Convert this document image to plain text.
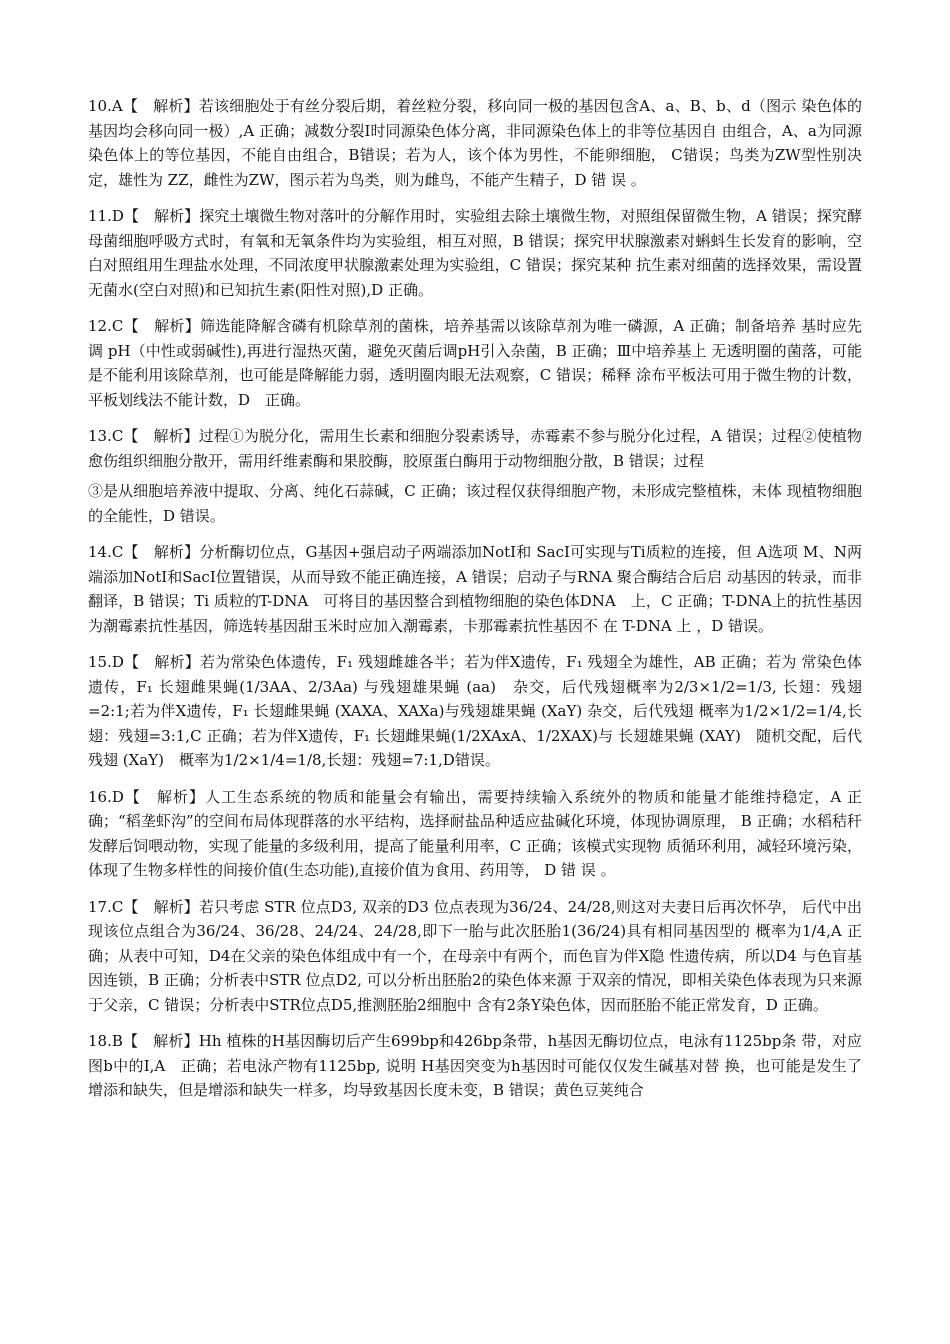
10.A【　解析】若该细胞处于有丝分裂后期，着丝粒分裂，移向同一极的基因包含A、a、B、b、d（图示 染色体的基因均会移向同一极）,A 正确；减数分裂Ⅰ时同源染色体分离，非同源染色体上的非等位基因自 由组合，A、a为同源染色体上的等位基因，不能自由组合，B错误；若为人，该个体为男性，不能卵细胞， C错误；鸟类为ZW型性别决定，雄性为 ZZ，雌性为ZW，图示若为鸟类，则为雌鸟，不能产生精子，D 错 误 。

11.D【　解析】探究土壤微生物对落叶的分解作用时，实验组去除土壤微生物，对照组保留微生物，A 错误；探究酵母菌细胞呼吸方式时，有氧和无氧条件均为实验组，相互对照，B 错误；探究甲状腺激素对蝌蚪生长发育的影响，空白对照组用生理盐水处理，不同浓度甲状腺激素处理为实验组，C 错误；探究某种 抗生素对细菌的选择效果，需设置无菌水(空白对照)和已知抗生素(阳性对照),D 正确。

12.C【　解析】筛选能降解含磷有机除草剂的菌株，培养基需以该除草剂为唯一磷源，A 正确；制备培养 基时应先调 pH（中性或弱碱性),再进行湿热灭菌，避免灭菌后调pH引入杂菌，B 正确；Ⅲ中培养基上 无透明圈的菌落，可能是不能利用该除草剂，也可能是降解能力弱，透明圈肉眼无法观察，C 错误；稀释 涂布平板法可用于微生物的计数，平板划线法不能计数，D　正确。

13.C【　解析】过程①为脱分化，需用生长素和细胞分裂素诱导，赤霉素不参与脱分化过程，A 错误；过程②使植物愈伤组织细胞分散开，需用纤维素酶和果胶酶，胶原蛋白酶用于动物细胞分散，B 错误；过程

③是从细胞培养液中提取、分离、纯化石蒜碱，C 正确；该过程仅获得细胞产物，未形成完整植株，未体 现植物细胞的全能性，D 错误。

14.C【　解析】分析酶切位点，G基因+强启动子两端添加NotI和 SacI可实现与Ti质粒的连接，但 A选项 M、N两端添加NotI和SacI位置错误，从而导致不能正确连接，A 错误；启动子与RNA 聚合酶结合后启 动基因的转录，而非翻译，B 错误；Ti 质粒的T-DNA　可将目的基因整合到植物细胞的染色体DNA　上，C 正确；T-DNA上的抗性基因为潮霉素抗性基因，筛选转基因甜玉米时应加入潮霉素，卡那霉素抗性基因不 在 T-DNA 上 ，D 错误。

15.D【　解析】若为常染色体遗传，F₁ 残翅雌雄各半；若为伴X遗传，F₁ 残翅全为雄性，AB 正确；若为 常染色体遗传，F₁ 长翅雌果蝇(1/3AA、2/3Aa) 与残翅雄果蝇 (aa)　杂交，后代残翅概率为2/3×1/2=1/3, 长翅：残翅=2:1;若为伴X遗传，F₁ 长翅雌果蝇 (XAXA、XAXa)与残翅雄果蝇 (XaY) 杂交，后代残翅 概率为1/2×1/2=1/4,长翅：残翅=3:1,C 正确；若为伴X遗传，F₁ 长翅雌果蝇(1/2XAxA、1/2XAX)与 长翅雄果蝇 (XAY)　随机交配，后代残翅 (XaY)　概率为1/2×1/4=1/8,长翅：残翅=7:1,D错误。

16.D【　解析】人工生态系统的物质和能量会有输出，需要持续输入系统外的物质和能量才能维持稳定，A 正确；“稻垄虾沟”的空间布局体现群落的水平结构，选择耐盐品种适应盐碱化环境，体现协调原理， B 正确；水稻秸秆发酵后饲喂动物，实现了能量的多级利用，提高了能量利用率，C 正确；该模式实现物 质循环利用，减轻环境污染，体现了生物多样性的间接价值(生态功能),直接价值为食用、药用等， D 错 误 。

17.C【　解析】若只考虑 STR 位点D3, 双亲的D3 位点表现为36/24、24/28,则这对夫妻日后再次怀孕， 后代中出现该位点组合为36/24、36/28、24/24、24/28,即下一胎与此次胚胎1(36/24)具有相同基因型的 概率为1/4,A 正确；从表中可知，D4在父亲的染色体组成中有一个，在母亲中有两个，而色盲为伴X隐 性遗传病，所以D4 与色盲基因连锁，B 正确；分析表中STR 位点D2, 可以分析出胚胎2的染色体来源 于双亲的情况，即相关染色体表现为只来源于父亲，C 错误；分析表中STR位点D5,推测胚胎2细胞中 含有2条Y染色体，因而胚胎不能正常发育，D 正确。

18.B【　解析】Hh 植株的H基因酶切后产生699bp和426bp条带，h基因无酶切位点，电泳有1125bp条 带，对应图b中的I,A　正确；若电泳产物有1125bp, 说明 H基因突变为h基因时可能仅仅发生碱基对替 换，也可能是发生了增添和缺失，但是增添和缺失一样多，均导致基因长度未变，B 错误；黄色豆荚纯合
